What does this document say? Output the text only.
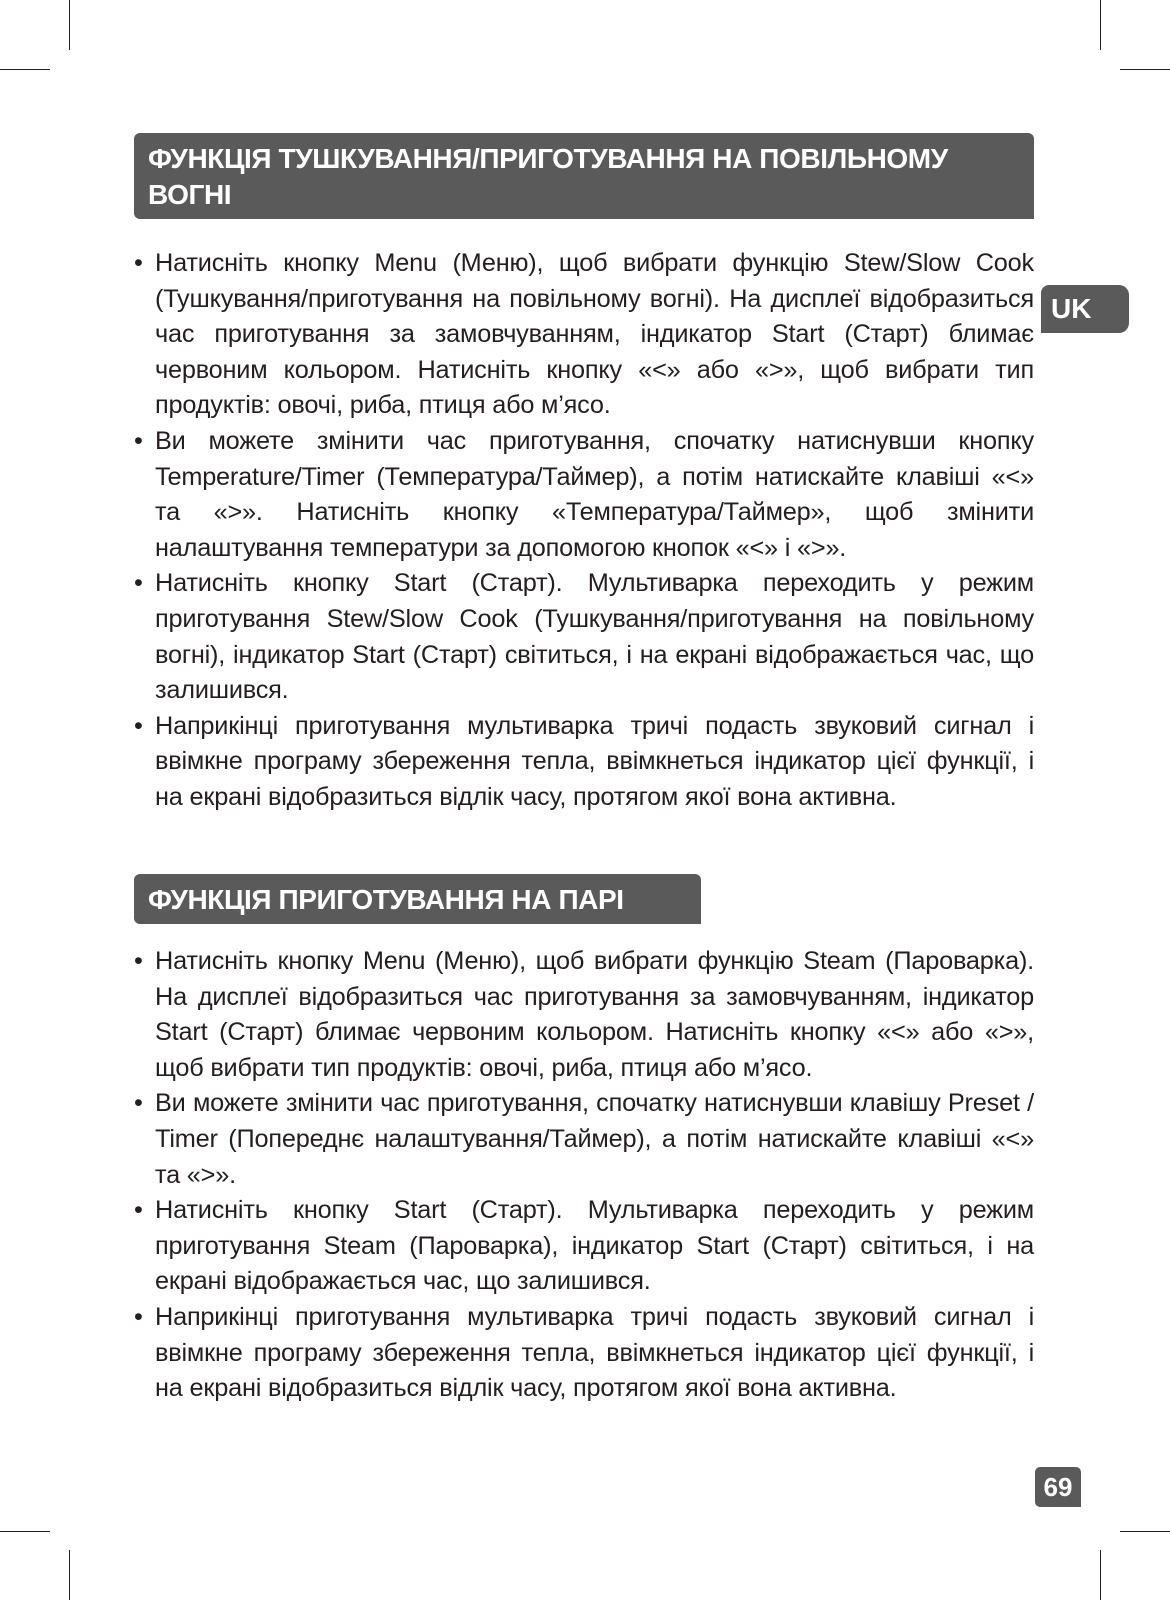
ФУНКЦІЯ ТУШКУВАННЯ/ПРИГОТУВАННЯ НА ПОВІЛЬНОМУ ВОГНІ
• Натисніть кнопку Menu (Меню), щоб вибрати функцію Stew/Slow Cook (Тушкування/приготування на повільному вогні). На дисплеї відобразиться час приготування за замовчуванням, індикатор Start (Старт) блимає червоним кольором. Натисніть кнопку «<» або «>», щоб вибрати тип продуктів: овочі, риба, птиця або м’ясо.
• Ви можете змінити час приготування, спочатку натиснувши кнопку Temperature/Timer (Температура/Таймер), а потім натискайте клавіші «<» та «>». Натисніть кнопку «Температура/Таймер», щоб змінити налаштування температури за допомогою кнопок «<» і «>».
• Натисніть кнопку Start (Старт). Мультиварка переходить у режим приготування Stew/Slow Cook (Тушкування/приготування на повільному вогні), індикатор Start (Старт) світиться, і на екрані відображається час, що залишився.
• Наприкінці приготування мультиварка тричі подасть звуковий сигнал і ввімкне програму збереження тепла, ввімкнеться індикатор цієї функції, і на екрані відобразиться відлік часу, протягом якої вона активна.
ФУНКЦІЯ ПРИГОТУВАННЯ НА ПАРІ
• Натисніть кнопку Menu (Меню), щоб вибрати функцію Steam (Пароварка). На дисплеї відобразиться час приготування за замовчуванням, індикатор Start (Старт) блимає червоним кольором. Натисніть кнопку «<» або «>», щоб вибрати тип продуктів: овочі, риба, птиця або м’ясо.
• Ви можете змінити час приготування, спочатку натиснувши клавішу Preset / Timer (Попереднє налаштування/Таймер), а потім натискайте клавіші «<» та «>».
• Натисніть кнопку Start (Старт). Мультиварка переходить у режим приготування Steam (Пароварка), індикатор Start (Старт) світиться, і на екрані відображається час, що залишився.
• Наприкінці приготування мультиварка тричі подасть звуковий сигнал і ввімкне програму збереження тепла, ввімкнеться індикатор цієї функції, і на екрані відобразиться відлік часу, протягом якої вона активна.
UK
69
